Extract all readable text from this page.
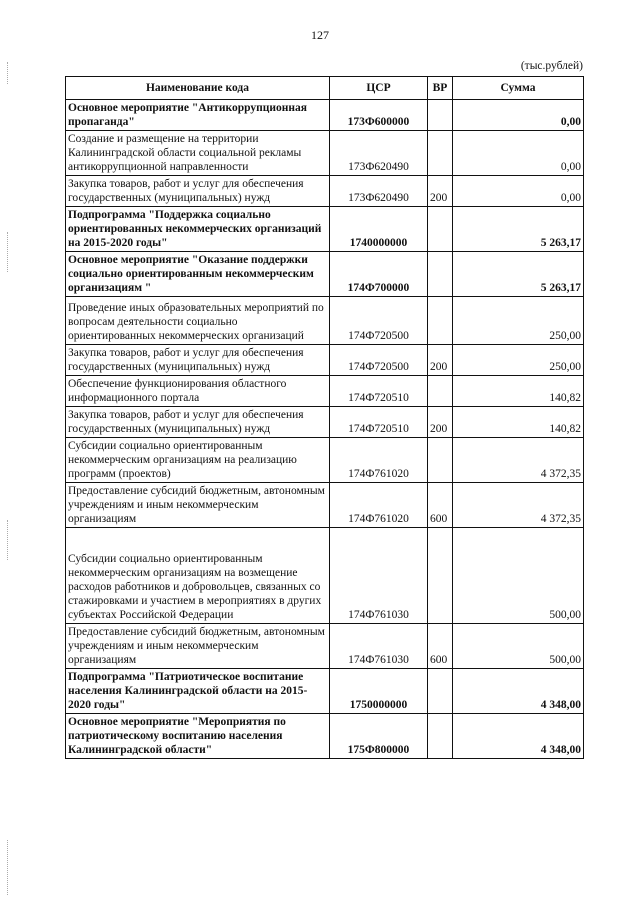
127
(тыс.рублей)
Наименование кода	ЦСР	ВР	Сумма
Основное мероприятие "Антикоррупционная пропаганда"	173Ф600000		0,00
Создание и размещение на территории Калининградской области социальной рекламы антикоррупционной направленности	173Ф620490		0,00
Закупка товаров, работ и услуг для обеспечения государственных (муниципальных) нужд	173Ф620490	200	0,00
Подпрограмма "Поддержка социально ориентированных некоммерческих организаций на 2015-2020 годы"	1740000000		5 263,17
Основное мероприятие "Оказание поддержки социально ориентированным некоммерческим организациям "	174Ф700000		5 263,17
Проведение иных образовательных мероприятий по вопросам деятельности социально ориентированных некоммерческих организаций	174Ф720500		250,00
Закупка товаров, работ и услуг для обеспечения государственных (муниципальных) нужд	174Ф720500	200	250,00
Обеспечение функционирования областного информационного портала	174Ф720510		140,82
Закупка товаров, работ и услуг для обеспечения государственных (муниципальных) нужд	174Ф720510	200	140,82
Субсидии социально ориентированным некоммерческим организациям на реализацию программ (проектов)	174Ф761020		4 372,35
Предоставление субсидий бюджетным, автономным учреждениям и иным некоммерческим организациям	174Ф761020	600	4 372,35
Субсидии социально ориентированным некоммерческим организациям на возмещение расходов работников и добровольцев, связанных со стажировками и участием в мероприятиях в других субъектах Российской Федерации	174Ф761030		500,00
Предоставление субсидий бюджетным, автономным учреждениям и иным некоммерческим организациям	174Ф761030	600	500,00
Подпрограмма "Патриотическое воспитание населения Калининградской области на 2015-2020 годы"	1750000000		4 348,00
Основное мероприятие "Мероприятия по патриотическому воспитанию населения Калининградской области"	175Ф800000		4 348,00
